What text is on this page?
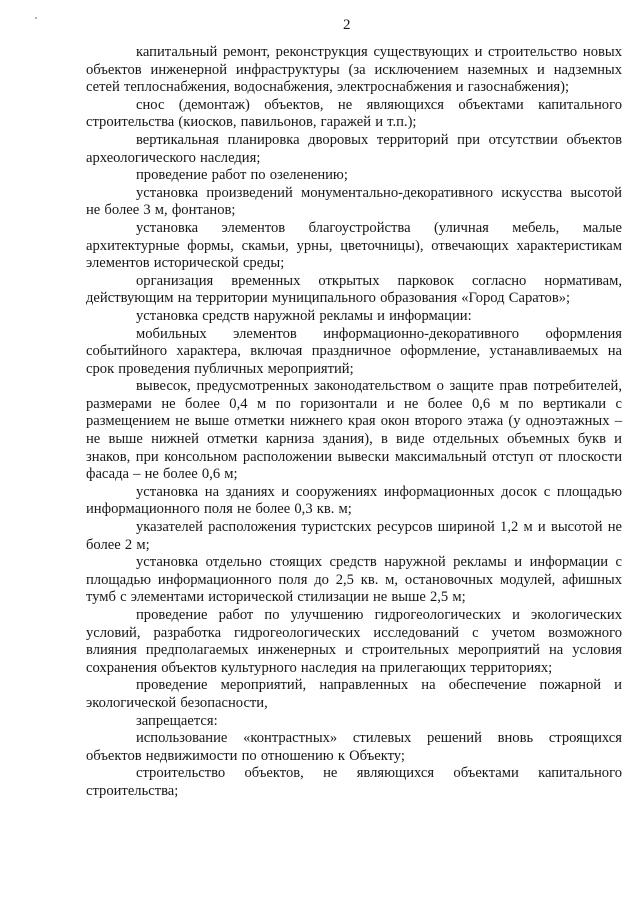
2

капитальный ремонт, реконструкция существующих и строительство новых объектов инженерной инфраструктуры (за исключением наземных и надземных сетей теплоснабжения, водоснабжения, электроснабжения и газоснабжения);

снос (демонтаж) объектов, не являющихся объектами капитального строительства (киосков, павильонов, гаражей и т.п.);

вертикальная планировка дворовых территорий при отсутствии объектов археологического наследия;

проведение работ по озеленению;

установка произведений монументально-декоративного искусства высотой не более 3 м, фонтанов;

установка элементов благоустройства (уличная мебель, малые архитектурные формы, скамьи, урны, цветочницы), отвечающих характеристикам элементов исторической среды;

организация временных открытых парковок согласно нормативам, действующим на территории муниципального образования «Город Саратов»;

установка средств наружной рекламы и информации:

мобильных элементов информационно-декоративного оформления событийного характера, включая праздничное оформление, устанавливаемых на срок проведения публичных мероприятий;

вывесок, предусмотренных законодательством о защите прав потребителей, размерами не более 0,4 м по горизонтали и не более 0,6 м по вертикали с размещением не выше отметки нижнего края окон второго этажа (у одноэтажных – не выше нижней отметки карниза здания), в виде отдельных объемных букв и знаков, при консольном расположении вывески максимальный отступ от плоскости фасада – не более 0,6 м;

установка на зданиях и сооружениях информационных досок с площадью информационного поля не более 0,3 кв. м;

указателей расположения туристских ресурсов шириной 1,2 м и высотой не более 2 м;

установка отдельно стоящих средств наружной рекламы и информации с площадью информационного поля до 2,5 кв. м, остановочных модулей, афишных тумб с элементами исторической стилизации не выше 2,5 м;

проведение работ по улучшению гидрогеологических и экологических условий, разработка гидрогеологических исследований с учетом возможного влияния предполагаемых инженерных и строительных мероприятий на условия сохранения объектов культурного наследия на прилегающих территориях;

проведение мероприятий, направленных на обеспечение пожарной и экологической безопасности,

запрещается:

использование «контрастных» стилевых решений вновь строящихся объектов недвижимости по отношению к Объекту;

строительство объектов, не являющихся объектами капитального строительства;
